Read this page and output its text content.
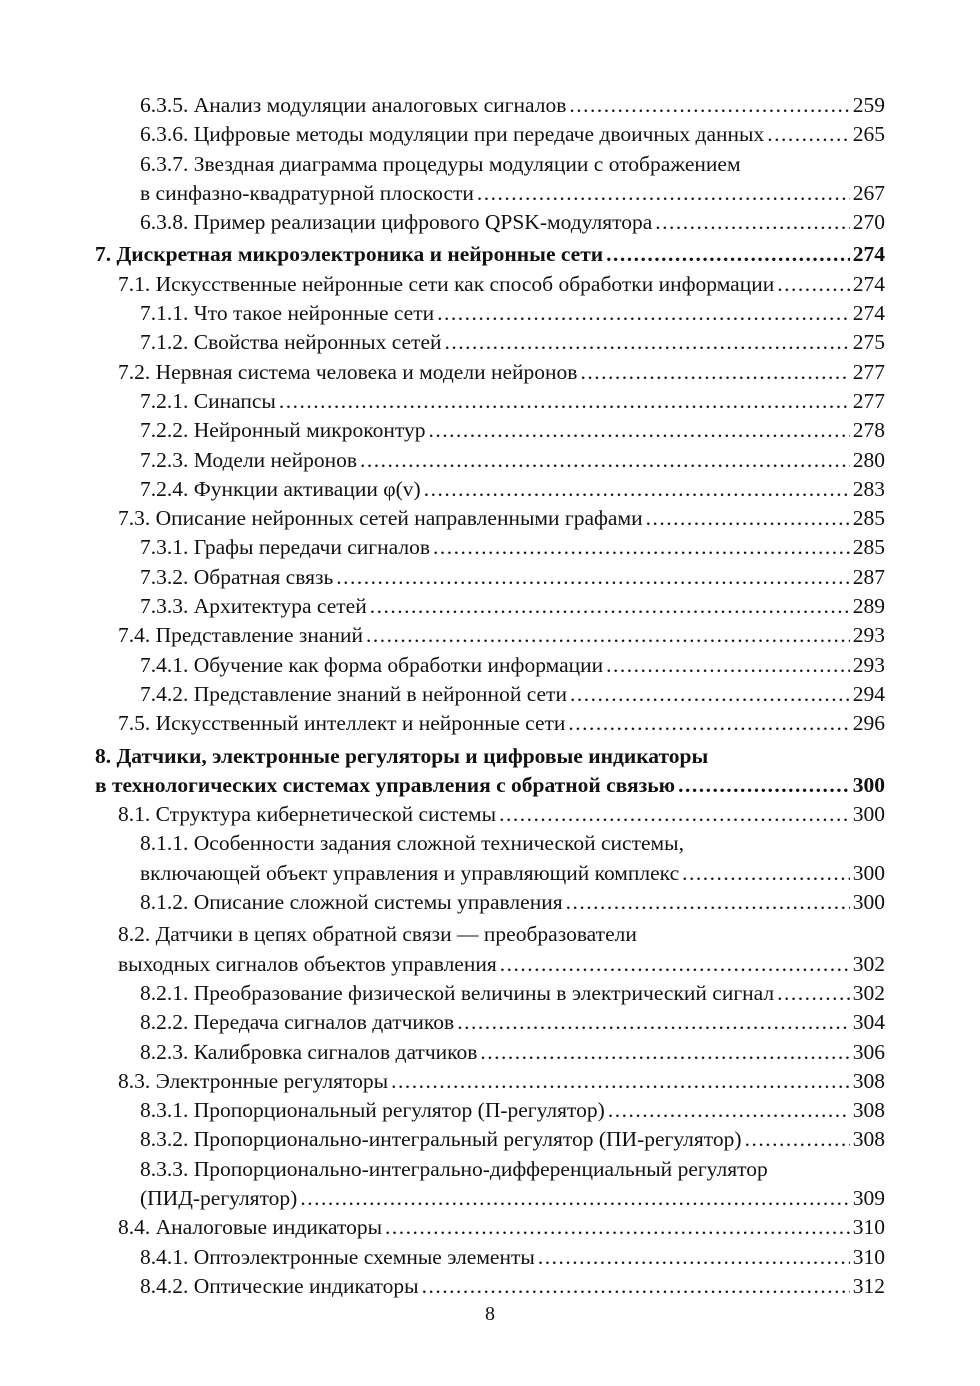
6.3.5. Анализ модуляции аналоговых сигналов .....	259
6.3.6. Цифровые методы модуляции при передаче двоичных данных .....	265
6.3.7. Звездная диаграмма процедуры модуляции с отображением
в синфазно-квадратурной плоскости .....	267
6.3.8. Пример реализации цифрового QPSK-модулятора .....	270
7. Дискретная микроэлектроника и нейронные сети .....	274
7.1. Искусственные нейронные сети как способ обработки информации .....	274
7.1.1. Что такое нейронные сети .....	274
7.1.2. Свойства нейронных сетей .....	275
7.2. Нервная система человека и модели нейронов .....	277
7.2.1. Синапсы .....	277
7.2.2. Нейронный микроконтур .....	278
7.2.3. Модели нейронов .....	280
7.2.4. Функции активации φ(v) .....	283
7.3. Описание нейронных сетей направленными графами .....	285
7.3.1. Графы передачи сигналов .....	285
7.3.2. Обратная связь .....	287
7.3.3. Архитектура сетей .....	289
7.4. Представление знаний .....	293
7.4.1. Обучение как форма обработки информации .....	293
7.4.2. Представление знаний в нейронной сети .....	294
7.5. Искусственный интеллект и нейронные сети .....	296
8. Датчики, электронные регуляторы и цифровые индикаторы
в технологических системах управления с обратной связью .....	300
8.1. Структура кибернетической системы .....	300
8.1.1. Особенности задания сложной технической системы,
включающей объект управления и управляющий комплекс .....	300
8.1.2. Описание сложной системы управления .....	300
8.2. Датчики в цепях обратной связи — преобразователи
выходных сигналов объектов управления .....	302
8.2.1. Преобразование физической величины в электрический сигнал .....	302
8.2.2. Передача сигналов датчиков .....	304
8.2.3. Калибровка сигналов датчиков .....	306
8.3. Электронные регуляторы .....	308
8.3.1. Пропорциональный регулятор (П-регулятор) .....	308
8.3.2. Пропорционально-интегральный регулятор (ПИ-регулятор) .....	308
8.3.3. Пропорционально-интегрально-дифференциальный регулятор
(ПИД-регулятор) .....	309
8.4. Аналоговые индикаторы .....	310
8.4.1. Оптоэлектронные схемные элементы .....	310
8.4.2. Оптические индикаторы .....	312
8
